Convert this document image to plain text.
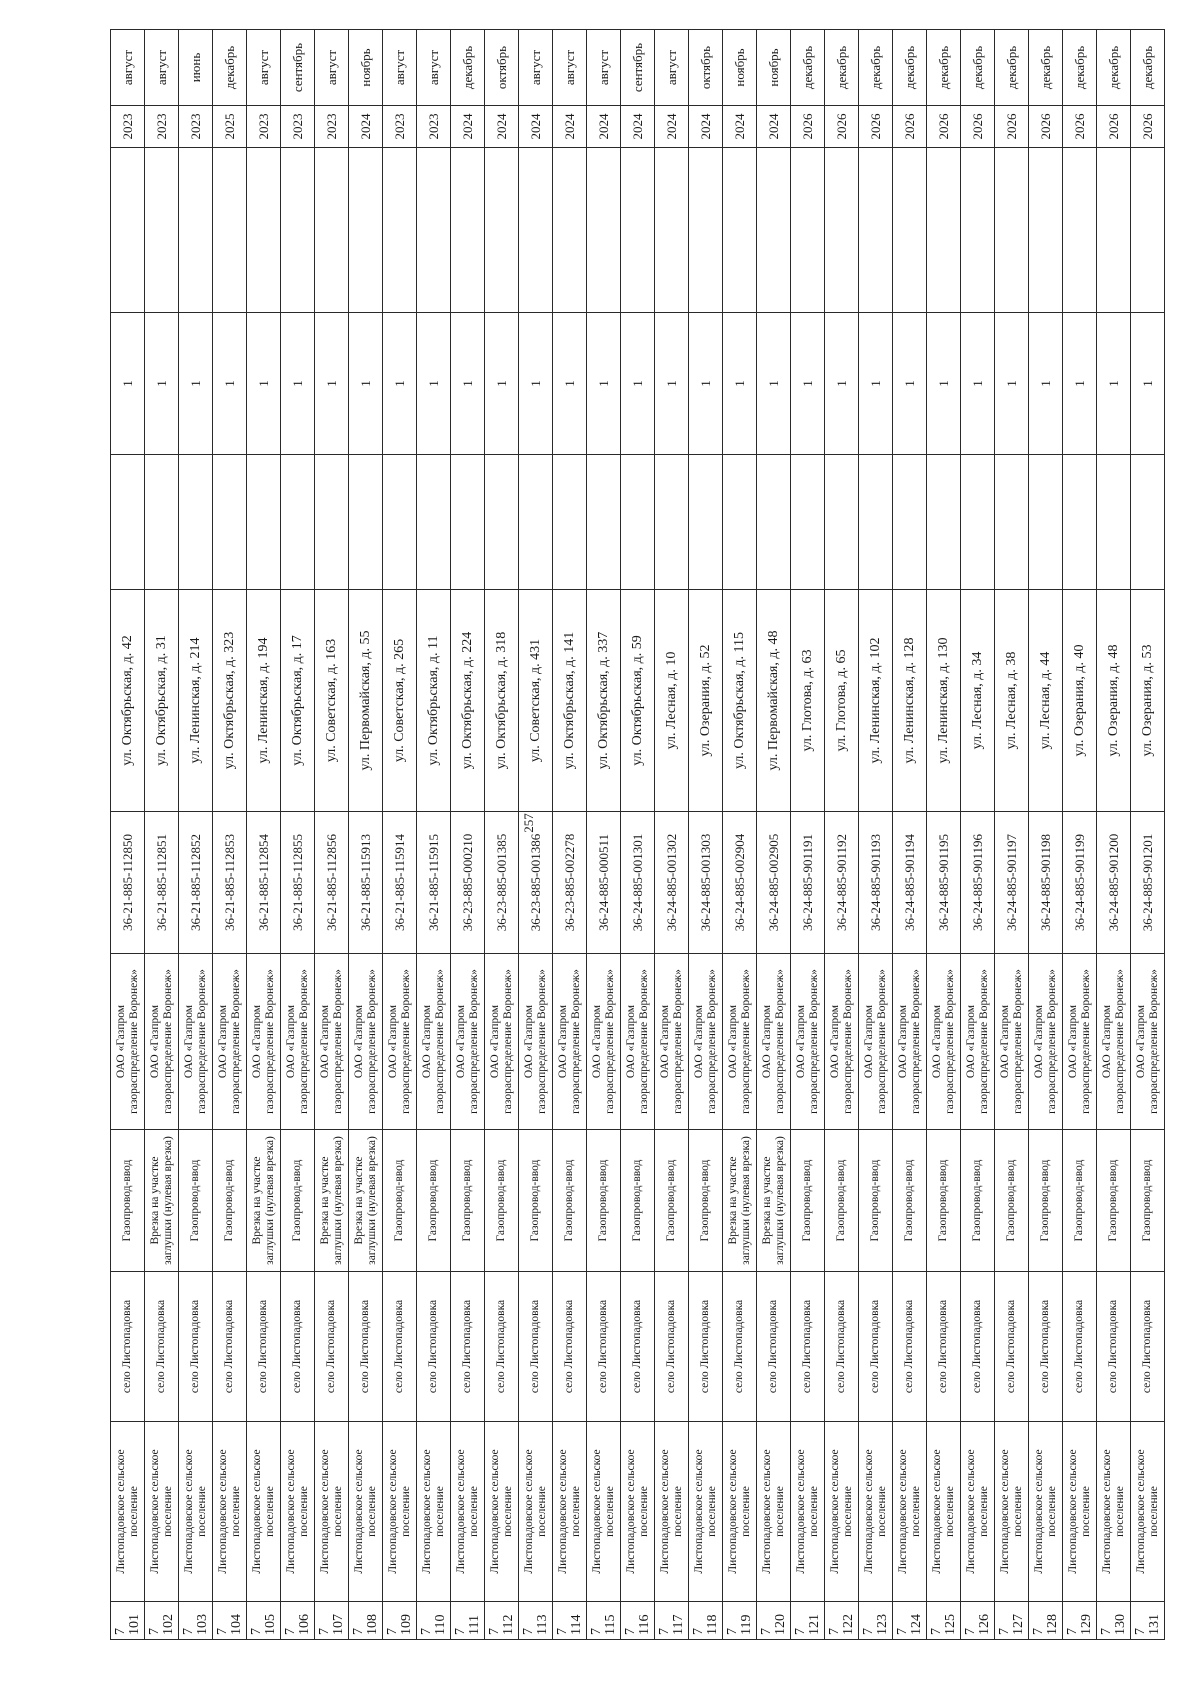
257
7 101	Листопадовское сельское поселение	село Листопадовка	Газопровод-ввод	ОАО «Газпром газораспределение Воронеж»	36-21-885-112850	ул. Октябрьская, д. 42		1		2023	август
7 102	Листопадовское сельское поселение	село Листопадовка	Врезка на участке заглушки (нулевая врезка)	ОАО «Газпром газораспределение Воронеж»	36-21-885-112851	ул. Октябрьская, д. 31		1		2023	август
7 103	Листопадовское сельское поселение	село Листопадовка	Газопровод-ввод	ОАО «Газпром газораспределение Воронеж»	36-21-885-112852	ул. Ленинская, д. 214		1		2023	июнь
7 104	Листопадовское сельское поселение	село Листопадовка	Газопровод-ввод	ОАО «Газпром газораспределение Воронеж»	36-21-885-112853	ул. Октябрьская, д. 323		1		2025	декабрь
7 105	Листопадовское сельское поселение	село Листопадовка	Врезка на участке заглушки (нулевая врезка)	ОАО «Газпром газораспределение Воронеж»	36-21-885-112854	ул. Ленинская, д. 194		1		2023	август
7 106	Листопадовское сельское поселение	село Листопадовка	Газопровод-ввод	ОАО «Газпром газораспределение Воронеж»	36-21-885-112855	ул. Октябрьская, д. 17		1		2023	сентябрь
7 107	Листопадовское сельское поселение	село Листопадовка	Врезка на участке заглушки (нулевая врезка)	ОАО «Газпром газораспределение Воронеж»	36-21-885-112856	ул. Советская, д. 163		1		2023	август
7 108	Листопадовское сельское поселение	село Листопадовка	Врезка на участке заглушки (нулевая врезка)	ОАО «Газпром газораспределение Воронеж»	36-21-885-115913	ул. Первомайская, д. 55		1		2024	ноябрь
7 109	Листопадовское сельское поселение	село Листопадовка	Газопровод-ввод	ОАО «Газпром газораспределение Воронеж»	36-21-885-115914	ул. Советская, д. 265		1		2023	август
7 110	Листопадовское сельское поселение	село Листопадовка	Газопровод-ввод	ОАО «Газпром газораспределение Воронеж»	36-21-885-115915	ул. Октябрьская, д. 11		1		2023	август
7 111	Листопадовское сельское поселение	село Листопадовка	Газопровод-ввод	ОАО «Газпром газораспределение Воронеж»	36-23-885-000210	ул. Октябрьская, д. 224		1		2024	декабрь
7 112	Листопадовское сельское поселение	село Листопадовка	Газопровод-ввод	ОАО «Газпром газораспределение Воронеж»	36-23-885-001385	ул. Октябрьская, д. 318		1		2024	октябрь
7 113	Листопадовское сельское поселение	село Листопадовка	Газопровод-ввод	ОАО «Газпром газораспределение Воронеж»	36-23-885-001386	ул. Советская, д. 431		1		2024	август
7 114	Листопадовское сельское поселение	село Листопадовка	Газопровод-ввод	ОАО «Газпром газораспределение Воронеж»	36-23-885-002278	ул. Октябрьская, д. 141		1		2024	август
7 115	Листопадовское сельское поселение	село Листопадовка	Газопровод-ввод	ОАО «Газпром газораспределение Воронеж»	36-24-885-000511	ул. Октябрьская, д. 337		1		2024	август
7 116	Листопадовское сельское поселение	село Листопадовка	Газопровод-ввод	ОАО «Газпром газораспределение Воронеж»	36-24-885-001301	ул. Октябрьская, д. 59		1		2024	сентябрь
7 117	Листопадовское сельское поселение	село Листопадовка	Газопровод-ввод	ОАО «Газпром газораспределение Воронеж»	36-24-885-001302	ул. Лесная, д. 10		1		2024	август
7 118	Листопадовское сельское поселение	село Листопадовка	Газопровод-ввод	ОАО «Газпром газораспределение Воронеж»	36-24-885-001303	ул. Озерания, д. 52		1		2024	октябрь
7 119	Листопадовское сельское поселение	село Листопадовка	Врезка на участке заглушки (нулевая врезка)	ОАО «Газпром газораспределение Воронеж»	36-24-885-002904	ул. Октябрьская, д. 115		1		2024	ноябрь
7 120	Листопадовское сельское поселение	село Листопадовка	Врезка на участке заглушки (нулевая врезка)	ОАО «Газпром газораспределение Воронеж»	36-24-885-002905	ул. Первомайская, д. 48		1		2024	ноябрь
7 121	Листопадовское сельское поселение	село Листопадовка	Газопровод-ввод	ОАО «Газпром газораспределение Воронеж»	36-24-885-901191	ул. Глотова, д. 63		1		2026	декабрь
7 122	Листопадовское сельское поселение	село Листопадовка	Газопровод-ввод	ОАО «Газпром газораспределение Воронеж»	36-24-885-901192	ул. Глотова, д. 65		1		2026	декабрь
7 123	Листопадовское сельское поселение	село Листопадовка	Газопровод-ввод	ОАО «Газпром газораспределение Воронеж»	36-24-885-901193	ул. Ленинская, д. 102		1		2026	декабрь
7 124	Листопадовское сельское поселение	село Листопадовка	Газопровод-ввод	ОАО «Газпром газораспределение Воронеж»	36-24-885-901194	ул. Ленинская, д. 128		1		2026	декабрь
7 125	Листопадовское сельское поселение	село Листопадовка	Газопровод-ввод	ОАО «Газпром газораспределение Воронеж»	36-24-885-901195	ул. Ленинская, д. 130		1		2026	декабрь
7 126	Листопадовское сельское поселение	село Листопадовка	Газопровод-ввод	ОАО «Газпром газораспределение Воронеж»	36-24-885-901196	ул. Лесная, д. 34		1		2026	декабрь
7 127	Листопадовское сельское поселение	село Листопадовка	Газопровод-ввод	ОАО «Газпром газораспределение Воронеж»	36-24-885-901197	ул. Лесная, д. 38		1		2026	декабрь
7 128	Листопадовское сельское поселение	село Листопадовка	Газопровод-ввод	ОАО «Газпром газораспределение Воронеж»	36-24-885-901198	ул. Лесная, д. 44		1		2026	декабрь
7 129	Листопадовское сельское поселение	село Листопадовка	Газопровод-ввод	ОАО «Газпром газораспределение Воронеж»	36-24-885-901199	ул. Озерания, д. 40		1		2026	декабрь
7 130	Листопадовское сельское поселение	село Листопадовка	Газопровод-ввод	ОАО «Газпром газораспределение Воронеж»	36-24-885-901200	ул. Озерания, д. 48		1		2026	декабрь
7 131	Листопадовское сельское поселение	село Листопадовка	Газопровод-ввод	ОАО «Газпром газораспределение Воронеж»	36-24-885-901201	ул. Озерания, д. 53		1		2026	декабрь
